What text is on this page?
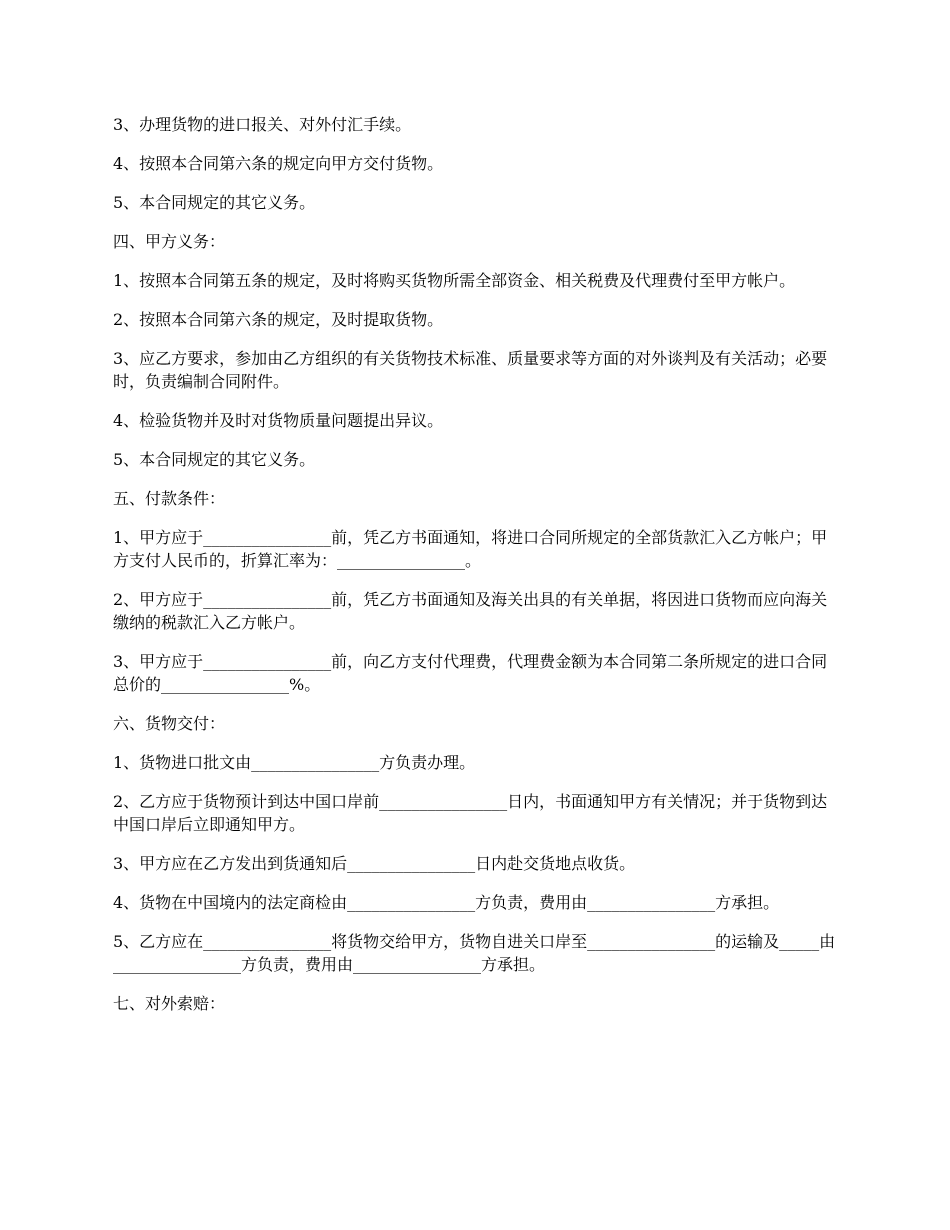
3、办理货物的进口报关、对外付汇手续。

4、按照本合同第六条的规定向甲方交付货物。

5、本合同规定的其它义务。

四、甲方义务：

1、按照本合同第五条的规定，及时将购买货物所需全部资金、相关税费及代理费付至甲方帐户。

2、按照本合同第六条的规定，及时提取货物。

3、应乙方要求，参加由乙方组织的有关货物技术标准、质量要求等方面的对外谈判及有关活动；必要时，负责编制合同附件。

4、检验货物并及时对货物质量问题提出异议。

5、本合同规定的其它义务。

五、付款条件：

1、甲方应于________________前，凭乙方书面通知，将进口合同所规定的全部货款汇入乙方帐户；甲方支付人民币的，折算汇率为：________________。

2、甲方应于________________前，凭乙方书面通知及海关出具的有关单据，将因进口货物而应向海关缴纳的税款汇入乙方帐户。

3、甲方应于________________前，向乙方支付代理费，代理费金额为本合同第二条所规定的进口合同总价的________________%。

六、货物交付：

1、货物进口批文由________________方负责办理。

2、乙方应于货物预计到达中国口岸前________________日内，书面通知甲方有关情况；并于货物到达中国口岸后立即通知甲方。

3、甲方应在乙方发出到货通知后________________日内赴交货地点收货。

4、货物在中国境内的法定商检由________________方负责，费用由________________方承担。

5、乙方应在________________将货物交给甲方，货物自进关口岸至________________的运输及_____由________________方负责，费用由________________方承担。

七、对外索赔：
